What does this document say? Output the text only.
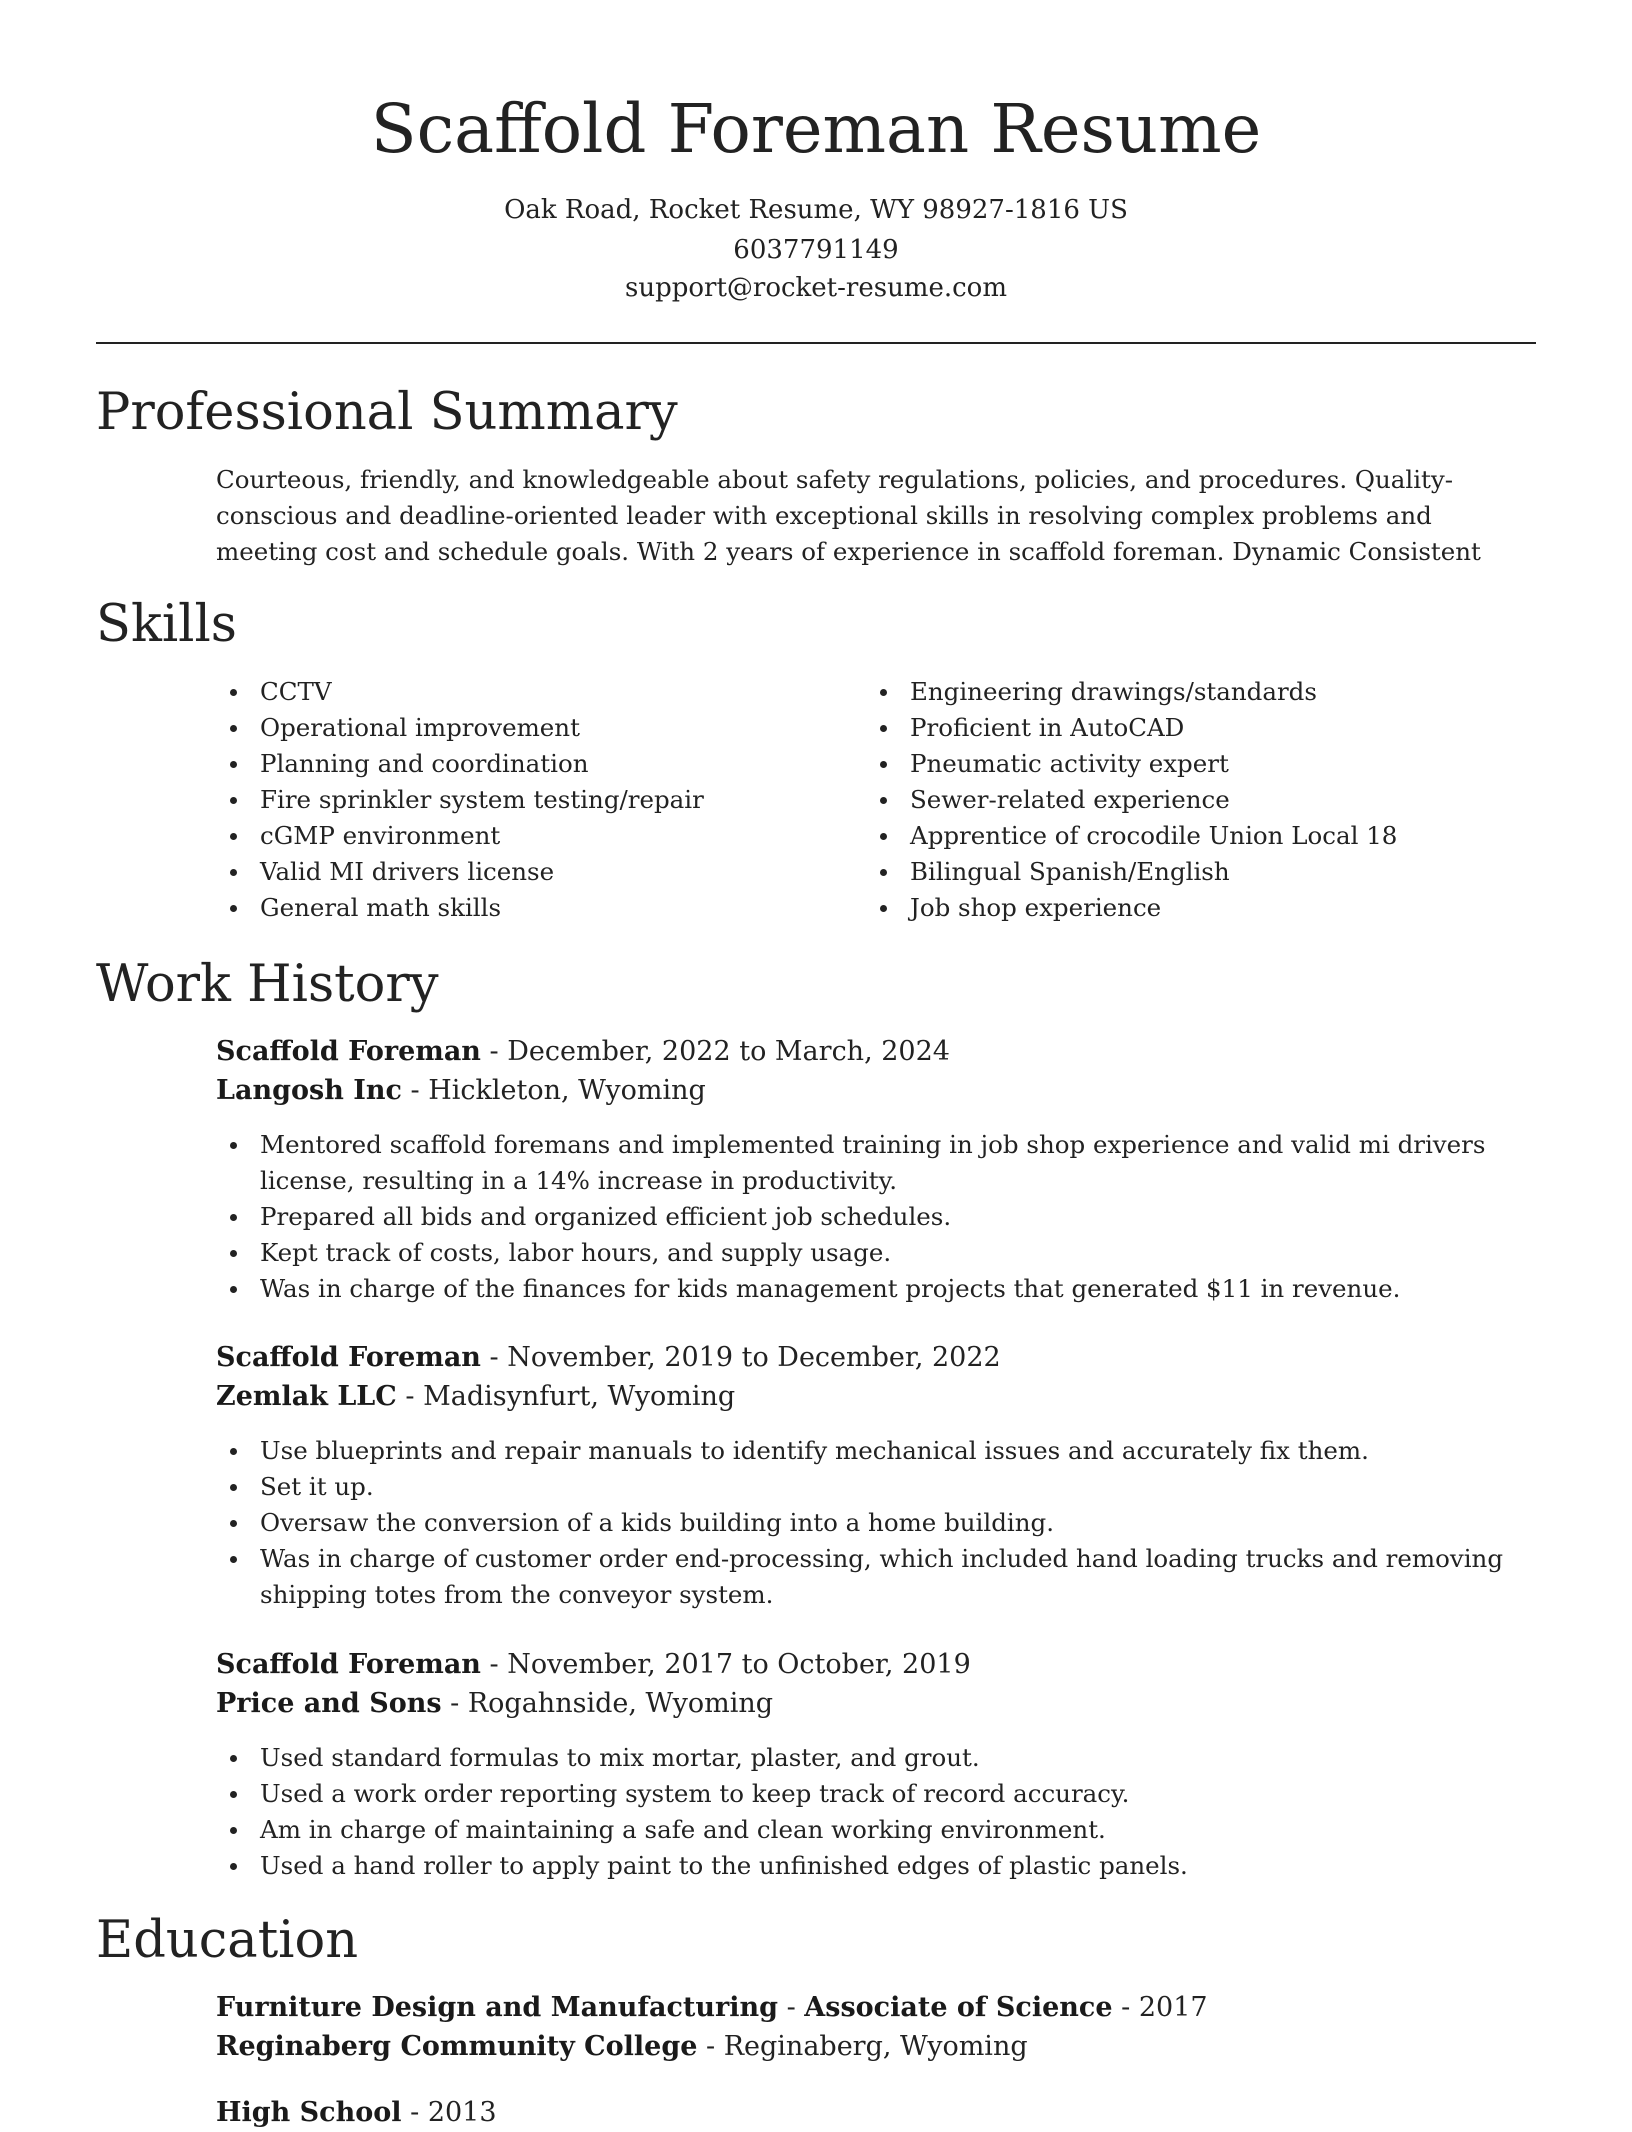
Scaffold Foreman Resume
Oak Road, Rocket Resume, WY 98927-1816 US
6037791149
support@rocket-resume.com
Professional Summary

Courteous, friendly, and knowledgeable about safety regulations, policies, and procedures. Quality-conscious and deadline-oriented leader with exceptional skills in resolving complex problems and meeting cost and schedule goals. With 2 years of experience in scaffold foreman. Dynamic Consistent

Skills
CCTV
Operational improvement
Planning and coordination
Fire sprinkler system testing/repair
cGMP environment
Valid MI drivers license
General math skills
Engineering drawings/standards
Proficient in AutoCAD
Pneumatic activity expert
Sewer-related experience
Apprentice of crocodile Union Local 18
Bilingual Spanish/English
Job shop experience
Work History
Scaffold Foreman - December, 2022 to March, 2024
Langosh Inc - Hickleton, Wyoming
Mentored scaffold foremans and implemented training in job shop experience and valid mi drivers license, resulting in a 14% increase in productivity.
Prepared all bids and organized efficient job schedules.
Kept track of costs, labor hours, and supply usage.
Was in charge of the finances for kids management projects that generated $11 in revenue.
Scaffold Foreman - November, 2019 to December, 2022
Zemlak LLC - Madisynfurt, Wyoming
Use blueprints and repair manuals to identify mechanical issues and accurately fix them.
Set it up.
Oversaw the conversion of a kids building into a home building.
Was in charge of customer order end-processing, which included hand loading trucks and removing shipping totes from the conveyor system.
Scaffold Foreman - November, 2017 to October, 2019
Price and Sons - Rogahnside, Wyoming
Used standard formulas to mix mortar, plaster, and grout.
Used a work order reporting system to keep track of record accuracy.
Am in charge of maintaining a safe and clean working environment.
Used a hand roller to apply paint to the unfinished edges of plastic panels.
Education
Furniture Design and Manufacturing - Associate of Science - 2017
Reginaberg Community College - Reginaberg, Wyoming
High School - 2013
